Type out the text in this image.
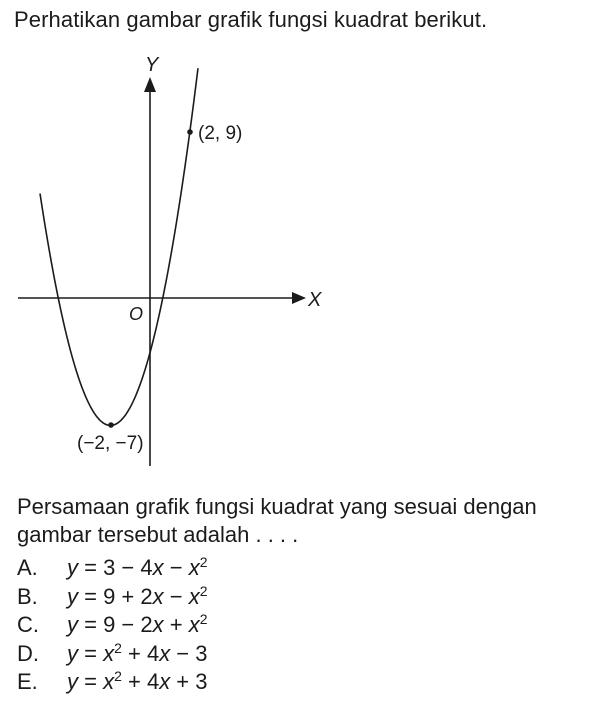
Perhatikan gambar grafik fungsi kuadrat berikut.
Y
X
O
(2, 9)
(−2, −7)
Persamaan grafik fungsi kuadrat yang sesuai dengan gambar tersebut adalah . . . .
A.	$y = 3 - 4x - x^2$
B.	$y = 9 + 2x - x^2$
C.	$y = 9 - 2x + x^2$
D.	$y = x^2 + 4x - 3$
E.	$y = x^2 + 4x + 3$
